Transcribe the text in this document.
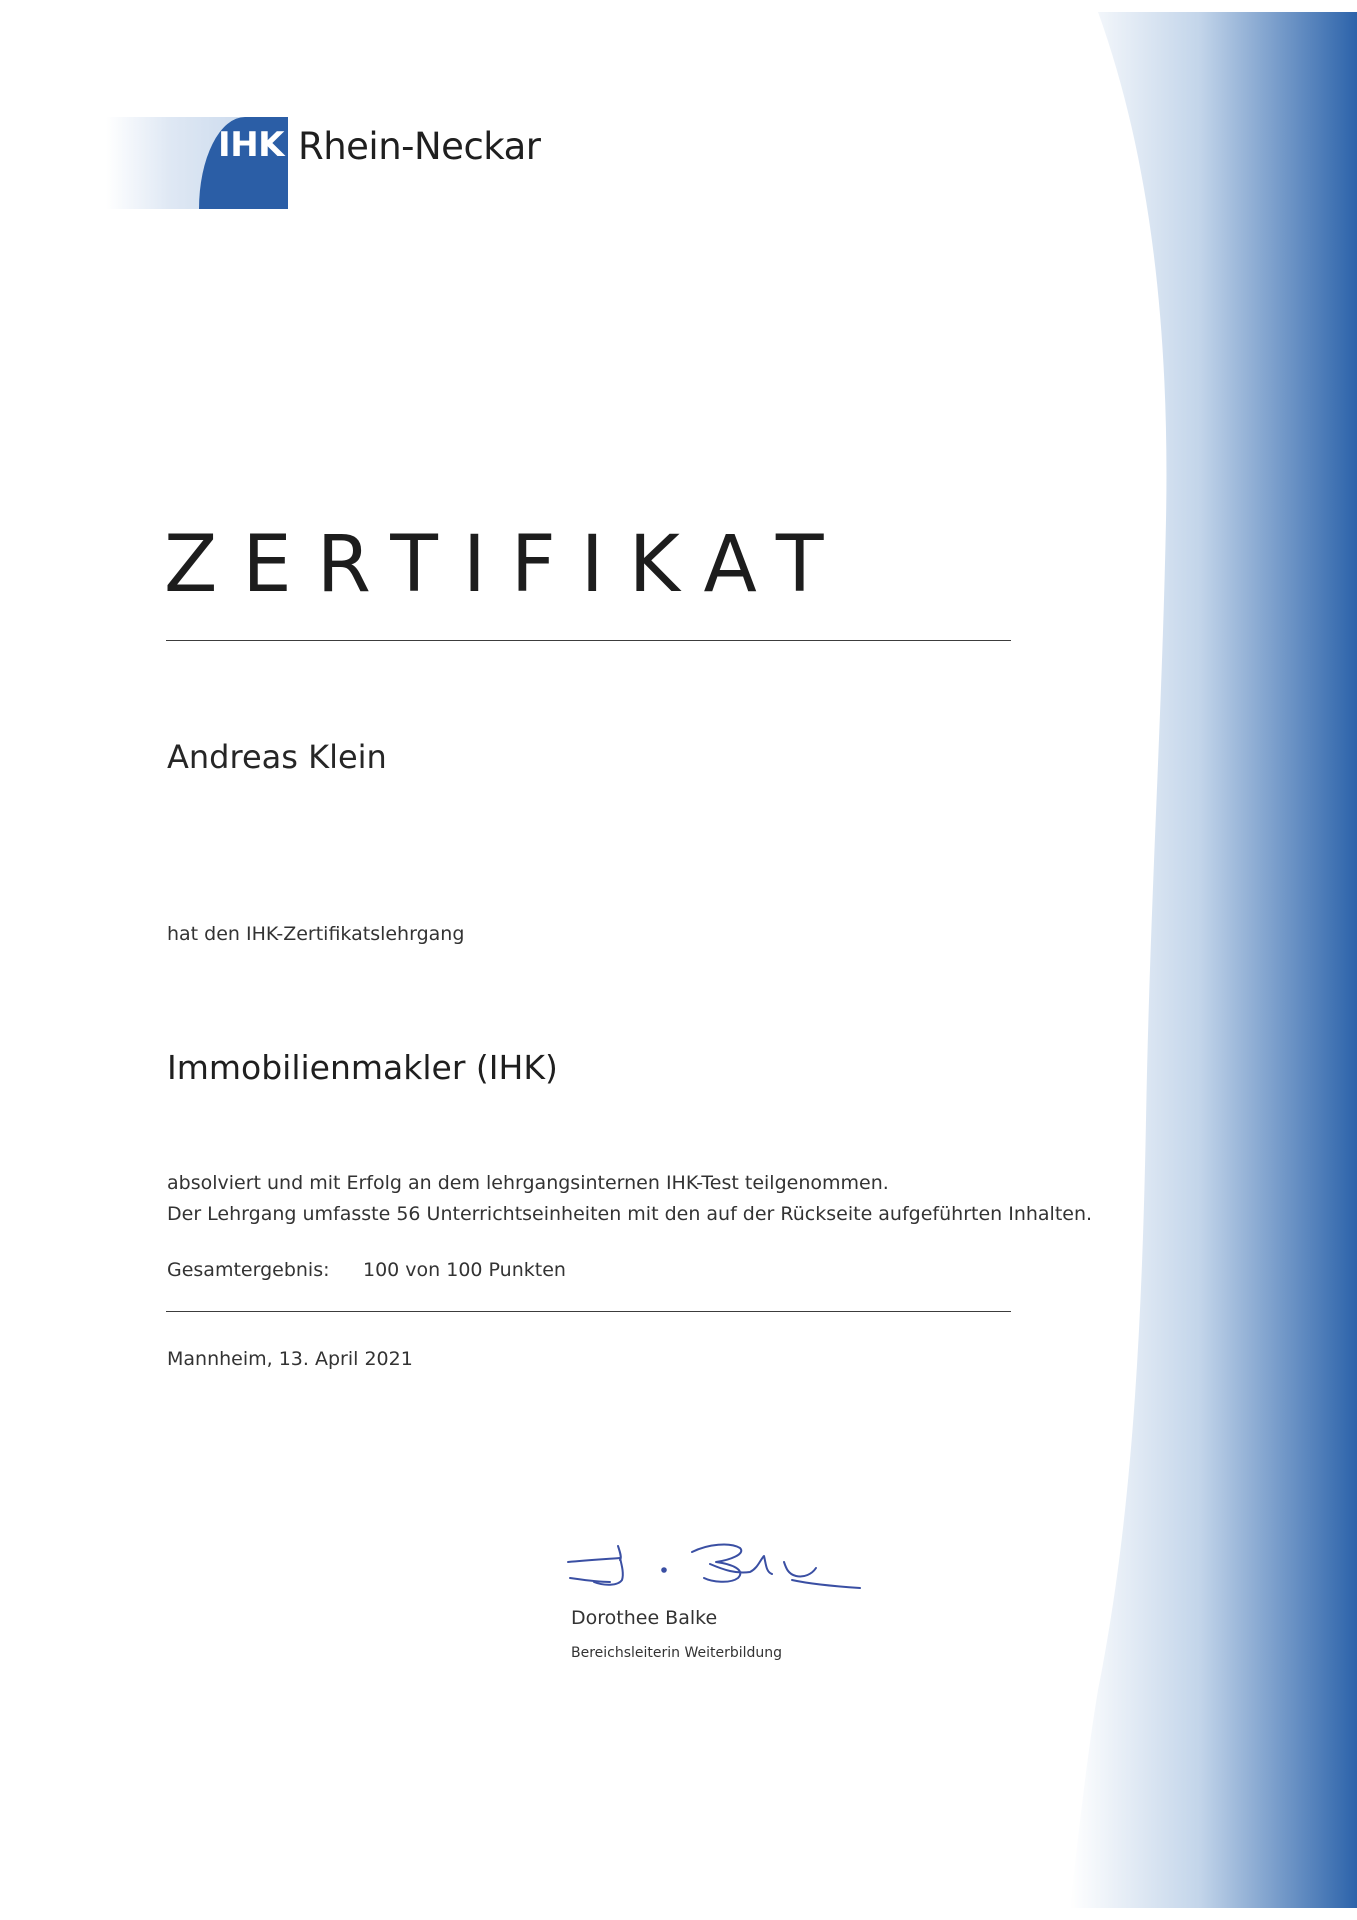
IHK Rhein-Neckar
ZERTIFIKAT
Andreas Klein
hat den IHK-Zertifikatslehrgang
Immobilienmakler (IHK)
absolviert und mit Erfolg an dem lehrgangsinternen IHK-Test teilgenommen.
Der Lehrgang umfasste 56 Unterrichtseinheiten mit den auf der Rückseite aufgeführten Inhalten.
Gesamtergebnis: 100 von 100 Punkten
Mannheim, 13. April 2021
Dorothee Balke
Bereichsleiterin Weiterbildung
